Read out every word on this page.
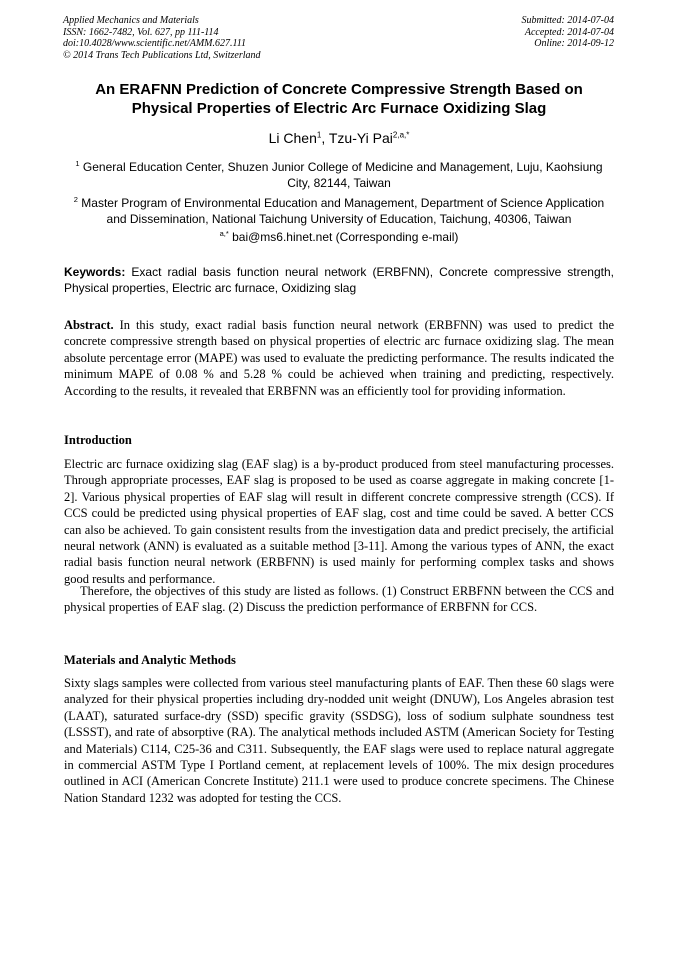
Applied Mechanics and Materials
ISSN: 1662-7482, Vol. 627, pp 111-114
doi:10.4028/www.scientific.net/AMM.627.111
© 2014 Trans Tech Publications Ltd, Switzerland
Submitted: 2014-07-04
Accepted: 2014-07-04
Online: 2014-09-12
An ERAFNN Prediction of Concrete Compressive Strength Based on
Physical Properties of Electric Arc Furnace Oxidizing Slag
Li Chen$^1$, Tzu-Yi Pai$^{2,a,*}$
$^1$ General Education Center, Shuzen Junior College of Medicine and Management, Luju, Kaohsiung City, 82144, Taiwan
$^2$ Master Program of Environmental Education and Management, Department of Science Application and Dissemination, National Taichung University of Education, Taichung, 40306, Taiwan
$^{a,*}$ bai@ms6.hinet.net (Corresponding e-mail)
Keywords: Exact radial basis function neural network (ERBFNN), Concrete compressive strength, Physical properties, Electric arc furnace, Oxidizing slag
Abstract. In this study, exact radial basis function neural network (ERBFNN) was used to predict the concrete compressive strength based on physical properties of electric arc furnace oxidizing slag. The mean absolute percentage error (MAPE) was used to evaluate the predicting performance. The results indicated the minimum MAPE of 0.08 % and 5.28 % could be achieved when training and predicting, respectively. According to the results, it revealed that ERBFNN was an efficiently tool for providing information.
Introduction
Electric arc furnace oxidizing slag (EAF slag) is a by-product produced from steel manufacturing processes. Through appropriate processes, EAF slag is proposed to be used as coarse aggregate in making concrete [1-2]. Various physical properties of EAF slag will result in different concrete compressive strength (CCS). If CCS could be predicted using physical properties of EAF slag, cost and time could be saved. A better CCS can also be achieved. To gain consistent results from the investigation data and predict precisely, the artificial neural network (ANN) is evaluated as a suitable method [3-11]. Among the various types of ANN, the exact radial basis function neural network (ERBFNN) is used mainly for performing complex tasks and shows good results and performance.
Therefore, the objectives of this study are listed as follows. (1) Construct ERBFNN between the CCS and physical properties of EAF slag. (2) Discuss the prediction performance of ERBFNN for CCS.
Materials and Analytic Methods
Sixty slags samples were collected from various steel manufacturing plants of EAF. Then these 60 slags were analyzed for their physical properties including dry-nodded unit weight (DNUW), Los Angeles abrasion test (LAAT), saturated surface-dry (SSD) specific gravity (SSDSG), loss of sodium sulphate soundness test (LSSST), and rate of absorptive (RA). The analytical methods included ASTM (American Society for Testing and Materials) C114, C25-36 and C311. Subsequently, the EAF slags were used to replace natural aggregate in commercial ASTM Type I Portland cement, at replacement levels of 100%. The mix design procedures outlined in ACI (American Concrete Institute) 211.1 were used to produce concrete specimens. The Chinese Nation Standard 1232 was adopted for testing the CCS.
